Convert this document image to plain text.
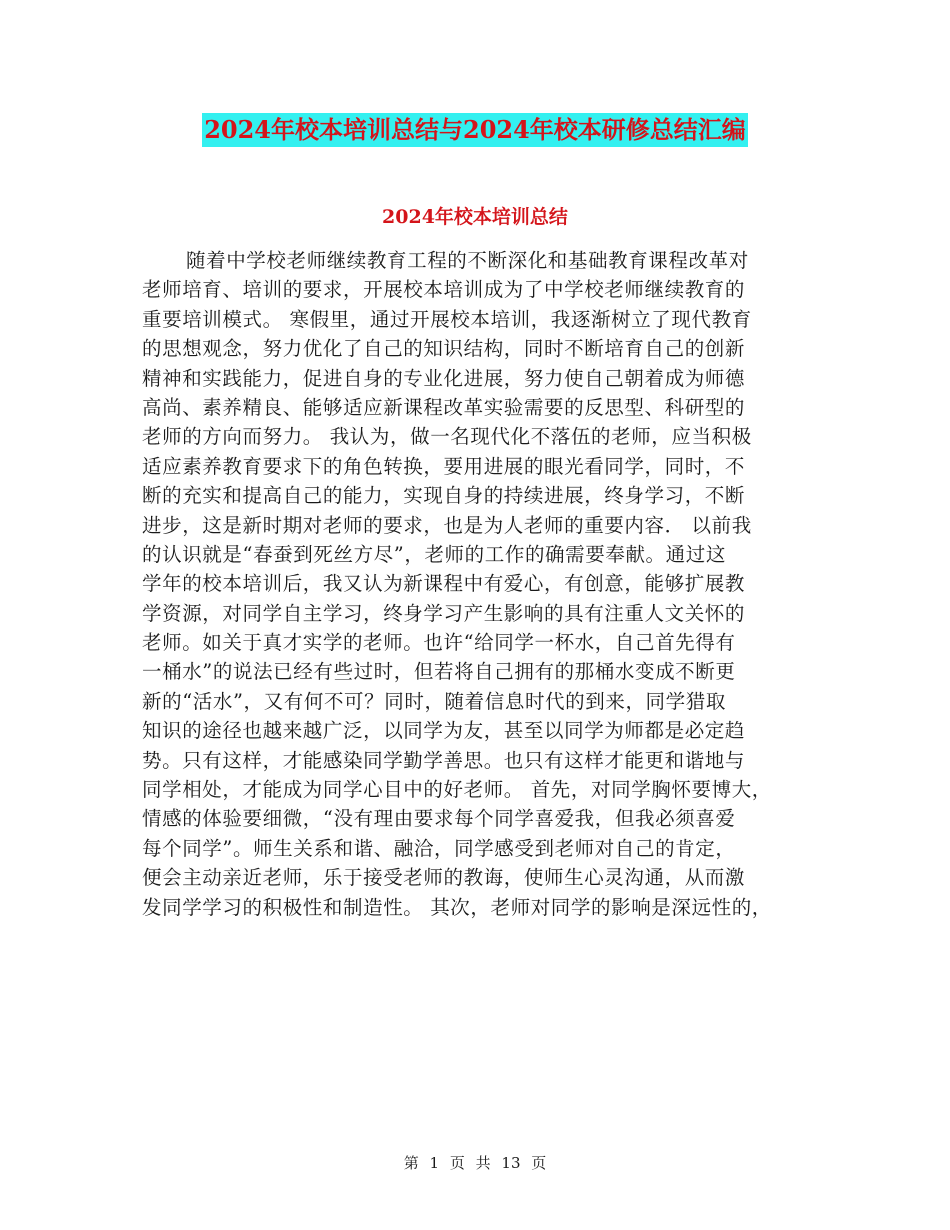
2024年校本培训总结与2024年校本研修总结汇编
2024年校本培训总结
随着中学校老师继续教育工程的不断深化和基础教育课程改革对
老师培育、培训的要求，开展校本培训成为了中学校老师继续教育的
重要培训模式。 寒假里，通过开展校本培训，我逐渐树立了现代教育
的思想观念，努力优化了自己的知识结构，同时不断培育自己的创新
精神和实践能力，促进自身的专业化进展，努力使自己朝着成为师德
高尚、素养精良、能够适应新课程改革实验需要的反思型、科研型的
老师的方向而努力。 我认为，做一名现代化不落伍的老师，应当积极
适应素养教育要求下的角色转换，要用进展的眼光看同学，同时，不
断的充实和提高自己的能力，实现自身的持续进展，终身学习，不断
进步，这是新时期对老师的要求，也是为人老师的重要内容． 以前我
的认识就是“春蚕到死丝方尽”，老师的工作的确需要奉献。通过这
学年的校本培训后，我又认为新课程中有爱心，有创意，能够扩展教
学资源，对同学自主学习，终身学习产生影响的具有注重人文关怀的
老师。如关于真才实学的老师。也许“给同学一杯水，自己首先得有
一桶水”的说法已经有些过时，但若将自己拥有的那桶水变成不断更
新的“活水”，又有何不可？同时，随着信息时代的到来，同学猎取
知识的途径也越来越广泛，以同学为友，甚至以同学为师都是必定趋
势。只有这样，才能感染同学勤学善思。也只有这样才能更和谐地与
同学相处，才能成为同学心目中的好老师。 首先，对同学胸怀要博大，
情感的体验要细微，“没有理由要求每个同学喜爱我，但我必须喜爱
每个同学”。师生关系和谐、融洽，同学感受到老师对自己的肯定，
便会主动亲近老师，乐于接受老师的教诲，使师生心灵沟通，从而激
发同学学习的积极性和制造性。 其次，老师对同学的影响是深远性的，
第 1 页 共 13 页
